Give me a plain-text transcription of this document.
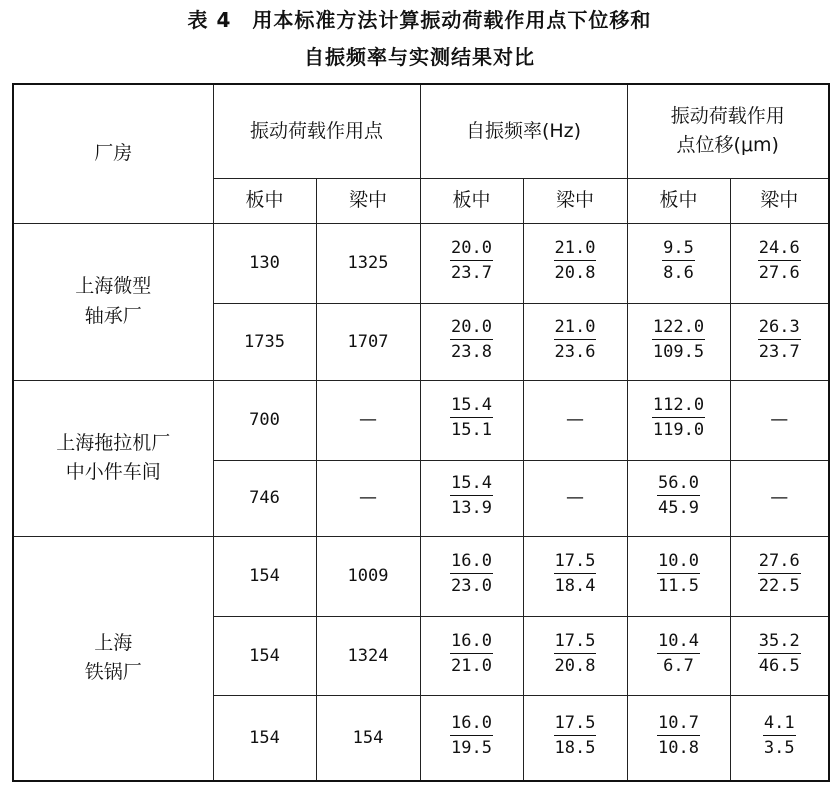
表 4　用本标准方法计算振动荷载作用点下位移和
自振频率与实测结果对比
厂房	振动荷载作用点		自振频率(Hz)		振动荷载作用
点位移(μm)	
	板中	梁中	板中	梁中	板中	梁中
上海微型
轴承厂	130	1325	$\frac{20.0}{23.7}$	$\frac{21.0}{20.8}$	$\frac{9.5}{8.6}$	$\frac{24.6}{27.6}$

	1735	1707	$\frac{20.0}{23.8}$	$\frac{21.0}{23.6}$	$\frac{122.0}{109.5}$	$\frac{26.3}{23.7}$

上海拖拉机厂
中小件车间	700	—	$\frac{15.4}{15.1}$	—	$\frac{112.0}{119.0}$	—
	746	—	$\frac{15.4}{13.9}$	—	$\frac{56.0}{45.9}$	—
上海
铁锅厂	154	1009	$\frac{16.0}{23.0}$	$\frac{17.5}{18.4}$	$\frac{10.0}{11.5}$	$\frac{27.6}{22.5}$

	154	1324	$\frac{16.0}{21.0}$	$\frac{17.5}{20.8}$	$\frac{10.4}{6.7}$	$\frac{35.2}{46.5}$

	154	154	$\frac{16.0}{19.5}$	$\frac{17.5}{18.5}$	$\frac{10.7}{10.8}$	$\frac{4.1}{3.5}$
